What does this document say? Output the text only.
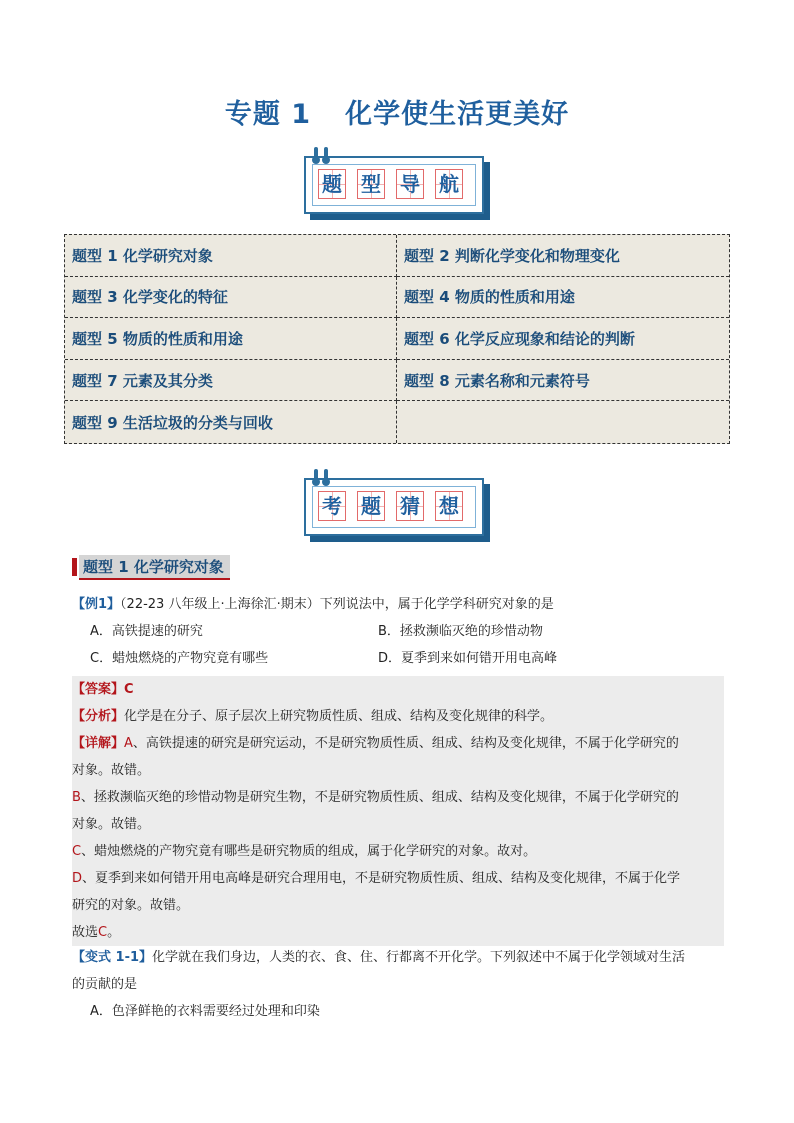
专题 1 化学使生活更美好
题 型 导 航
题型 1 化学研究对象	题型 2 判断化学变化和物理变化
题型 3 化学变化的特征	题型 4 物质的性质和用途
题型 5 物质的性质和用途	题型 6 化学反应现象和结论的判断
题型 7 元素及其分类	题型 8 元素名称和元素符号
题型 9 生活垃圾的分类与回收
考 题 猜 想
题型 1 化学研究对象
【例1】（22-23 八年级上·上海徐汇·期末）下列说法中，属于化学学科研究对象的是
A．高铁提速的研究	B．拯救濒临灭绝的珍惜动物
C．蜡烛燃烧的产物究竟有哪些	D．夏季到来如何错开用电高峰
【答案】C
【分析】化学是在分子、原子层次上研究物质性质、组成、结构及变化规律的科学。
【详解】A、高铁提速的研究是研究运动，不是研究物质性质、组成、结构及变化规律，不属于化学研究的
对象。故错。
B、拯救濒临灭绝的珍惜动物是研究生物，不是研究物质性质、组成、结构及变化规律，不属于化学研究的
对象。故错。
C、蜡烛燃烧的产物究竟有哪些是研究物质的组成，属于化学研究的对象。故对。
D、夏季到来如何错开用电高峰是研究合理用电，不是研究物质性质、组成、结构及变化规律，不属于化学
研究的对象。故错。
故选C。
【变式 1-1】化学就在我们身边，人类的衣、食、住、行都离不开化学。下列叙述中不属于化学领域对生活
的贡献的是
A．色泽鲜艳的衣料需要经过处理和印染
